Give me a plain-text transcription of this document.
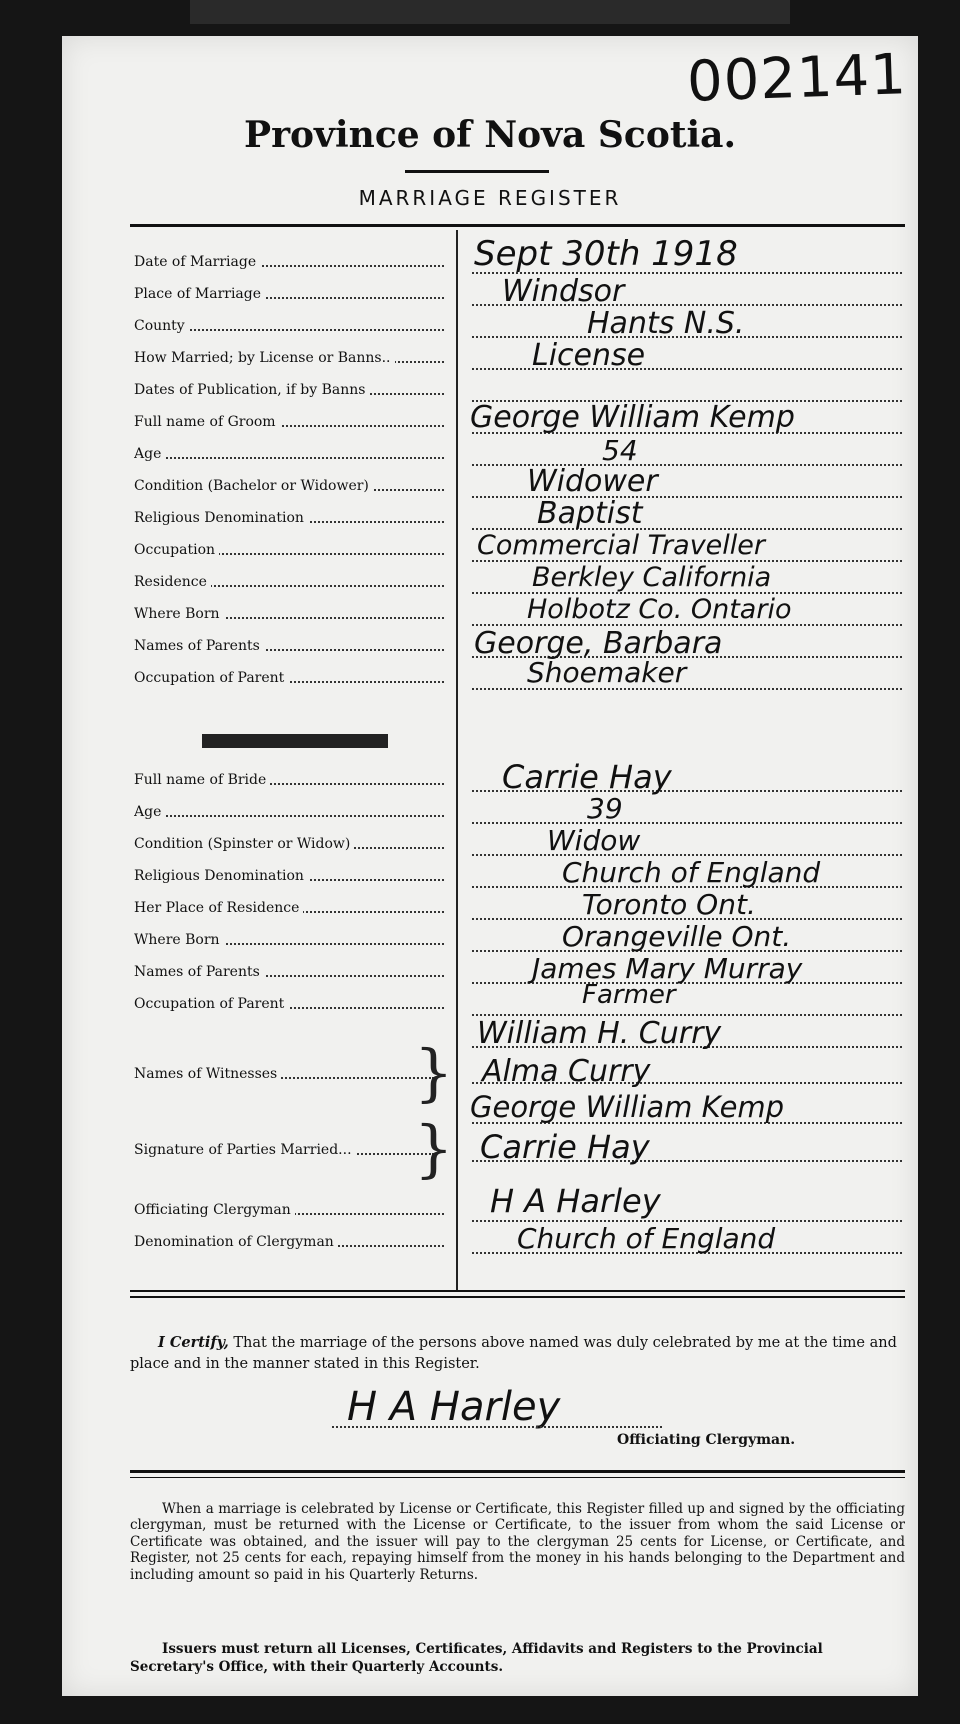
002141
Province of Nova Scotia.
MARRIAGE REGISTER
Date of Marriage	Sept 30th 1918
Place of Marriage	Windsor
County	Hants N.S.
How Married; by License or Banns..	License
Dates of Publication, if by Banns
Full name of Groom	George William Kemp
Age	54
Condition (Bachelor or Widower)	Widower
Religious Denomination	Baptist
Occupation	Commercial Traveller
Residence	Berkley California
Where Born	Holbotz Co. Ontario
Names of Parents	George, Barbara
Occupation of Parent	Shoemaker
Full name of Bride	Carrie Hay
Age	39
Condition (Spinster or Widow)	Widow
Religious Denomination	Church of England
Her Place of Residence	Toronto Ont.
Where Born	Orangeville Ont.
Names of Parents	James Mary Murray
Occupation of Parent	Farmer
Names of Witnesses	}
William H. Curry
Alma Curry
Signature of Parties Married...	}
George William Kemp
Carrie Hay
Officiating Clergyman	H A Harley
Denomination of Clergyman	Church of England
I Certify, That the marriage of the persons above named was duly celebrated by me at the time and place and in the manner stated in this Register.
H A Harley
Officiating Clergyman.
When a marriage is celebrated by License or Certificate, this Register filled up and signed by the officiating clergyman, must be returned with the License or Certificate, to the issuer from whom the said License or Certificate was obtained, and the issuer will pay to the clergyman 25 cents for License, or Certificate, and Register, not 25 cents for each, repaying himself from the money in his hands belonging to the Department and including amount so paid in his Quarterly Returns.
Issuers must return all Licenses, Certificates, Affidavits and Registers to the Provincial Secretary's Office, with their Quarterly Accounts.
